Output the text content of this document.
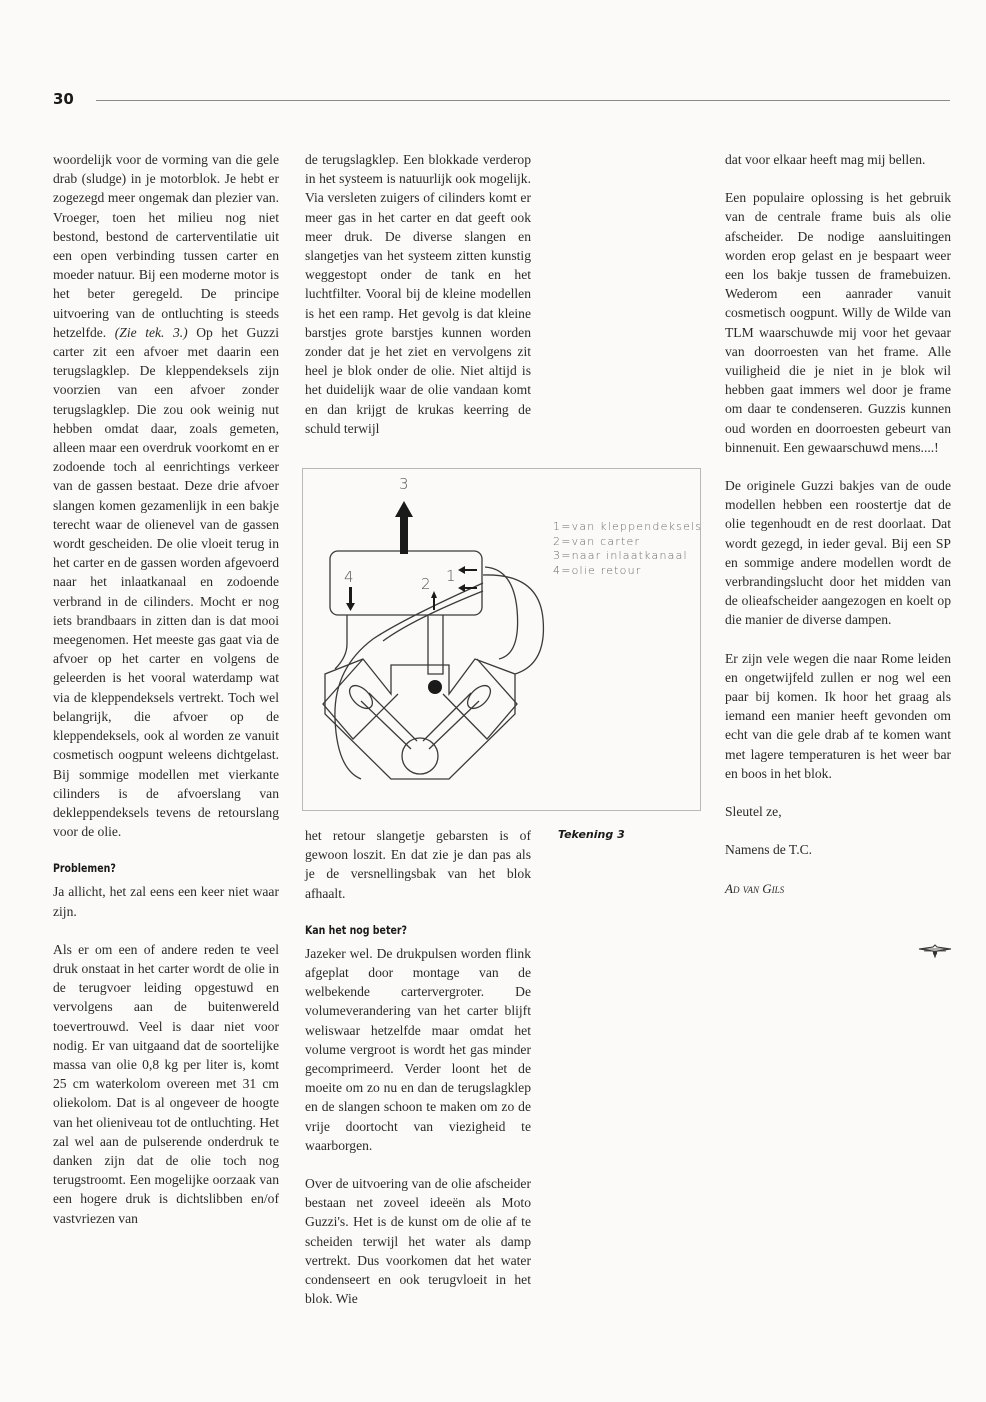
30

woordelijk voor de vorming van die gele drab (sludge) in je motorblok. Je hebt er zogezegd meer ongemak dan plezier van. Vroeger, toen het milieu nog niet bestond, bestond de carterventilatie uit een open verbinding tussen carter en moeder natuur. Bij een moderne motor is het beter geregeld. De principe uitvoering van de ontluchting is steeds hetzelfde. (Zie tek. 3.) Op het Guzzi carter zit een afvoer met daarin een terugslagklep. De kleppendeksels zijn voorzien van een afvoer zonder terugslagklep. Die zou ook weinig nut hebben omdat daar, zoals gemeten, alleen maar een overdruk voorkomt en er zodoende toch al eenrichtings verkeer van de gassen bestaat. Deze drie afvoer slangen komen gezamenlijk in een bakje terecht waar de olienevel van de gassen wordt gescheiden. De olie vloeit terug in het carter en de gassen worden afgevoerd naar het inlaatkanaal en zodoende verbrand in de cilinders. Mocht er nog iets brandbaars in zitten dan is dat mooi meegenomen. Het meeste gas gaat via de afvoer op het carter en volgens de geleerden is het vooral waterdamp wat via de kleppendeksels vertrekt. Toch wel belangrijk, die afvoer op de kleppendeksels, ook al worden ze vanuit cosmetisch oogpunt weleens dichtgelast. Bij sommige modellen met vierkante cilinders is de afvoerslang van dekleppendeksels tevens de retourslang voor de olie.

Problemen?

Ja allicht, het zal eens een keer niet waar zijn.

Als er om een of andere reden te veel druk onstaat in het carter wordt de olie in de terugvoer leiding opgestuwd en vervolgens aan de buitenwereld toevertrouwd. Veel is daar niet voor nodig. Er van uitgaand dat de soortelijke massa van olie 0,8 kg per liter is, komt 25 cm waterkolom overeen met 31 cm oliekolom. Dat is al ongeveer de hoogte van het olieniveau tot de ontluchting. Het zal wel aan de pulserende onderdruk te danken zijn dat de olie toch nog terugstroomt. Een mogelijke oorzaak van een hogere druk is dichtslibben en/of vastvriezen van

de terugslagklep. Een blokkade verderop in het systeem is natuurlijk ook mogelijk. Via versleten zuigers of cilinders komt er meer gas in het carter en dat geeft ook meer druk. De diverse slangen en slangetjes van het systeem zitten kunstig weggestopt onder de tank en het luchtfilter. Vooral bij de kleine modellen is het een ramp. Het gevolg is dat kleine barstjes grote barstjes kunnen worden zonder dat je het ziet en vervolgens zit heel je blok onder de olie. Niet altijd is het duidelijk waar de olie vandaan komt en dan krijgt de krukas keerring de schuld terwijl

3
4	2 1
1=van kleppendeksels
2=van carter
3=naar inlaatkanaal
4=olie retour
Tekening 3

het retour slangetje gebarsten is of gewoon loszit. En dat zie je dan pas als je de versnellingsbak van het blok afhaalt.

Kan het nog beter?

Jazeker wel. De drukpulsen worden flink afgeplat door montage van de welbekende cartervergroter. De volumeverandering van het carter blijft weliswaar hetzelfde maar omdat het volume vergroot is wordt het gas minder gecomprimeerd. Verder loont het de moeite om zo nu en dan de terugslagklep en de slangen schoon te maken om zo de vrije doortocht van viezigheid te waarborgen.

Over de uitvoering van de olie afscheider bestaan net zoveel ideeën als Moto Guzzi's. Het is de kunst om de olie af te scheiden terwijl het water als damp vertrekt. Dus voorkomen dat het water condenseert en ook terugvloeit in het blok. Wie

dat voor elkaar heeft mag mij bellen.

Een populaire oplossing is het gebruik van de centrale frame buis als olie afscheider. De nodige aansluitingen worden erop gelast en je bespaart weer een los bakje tussen de framebuizen. Wederom een aanrader vanuit cosmetisch oogpunt. Willy de Wilde van TLM waarschuwde mij voor het gevaar van doorroesten van het frame. Alle vuiligheid die je niet in je blok wil hebben gaat immers wel door je frame om daar te condenseren. Guzzis kunnen oud worden en doorroesten gebeurt van binnenuit. Een gewaarschuwd mens....!

De originele Guzzi bakjes van de oude modellen hebben een roostertje dat de olie tegenhoudt en de rest doorlaat. Dat wordt gezegd, in ieder geval. Bij een SP en sommige andere modellen wordt de verbrandingslucht door het midden van de olieafscheider aangezogen en koelt op die manier de diverse dampen.

Er zijn vele wegen die naar Rome leiden en ongetwijfeld zullen er nog wel een paar bij komen. Ik hoor het graag als iemand een manier heeft gevonden om echt van die gele drab af te komen want met lagere temperaturen is het weer bar en boos in het blok.

Sleutel ze,

Namens de T.C.

Ad van Gils
